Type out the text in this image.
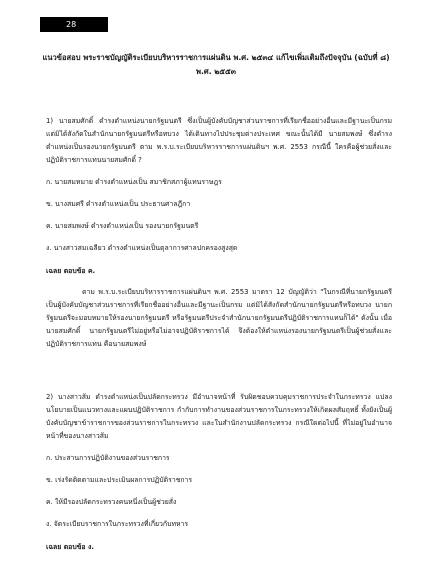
28
แนวข้อสอบ พระราชบัญญัติระเบียบบริหารราชการแผ่นดิน พ.ศ. ๒๕๓๔ แก้ไขเพิ่มเติมถึงปัจจุบัน (ฉบับที่ ๘) พ.ศ. ๒๕๕๓

1) นายสมศักดิ์ ดำรงตำแหน่งนายกรัฐมนตรี ซึ่งเป็นผู้บังคับบัญชาส่วนราชการที่เรียกชื่ออย่างอื่นและมีฐานะเป็นกรม แต่มิได้สังกัดในสำนักนายกรัฐมนตรีหรือทบวง ได้เดินทางไปประชุมต่างประเทศ ขณะนั้นได้มี นายสมพงษ์ ซึ่งดำรงตำแหน่งเป็นรองนายกรัฐมนตรี ตาม พ.ร.บ.ระเบียบบริหารราชการแผ่นดินฯ พ.ศ. 2553 กรณีนี้ ใครคือผู้ช่วยสั่งและปฏิบัติราชการแทนนายสมศักดิ์ ?

ก. นายสมหมาย ดำรงตำแหน่งเป็น สมาชิกสภาผู้แทนราษฎร

ข. นางสมศรี ดำรงตำแหน่งเป็น ประธานศาลฎีกา

ค. นายสมพงษ์ ดำรงตำแหน่งเป็น รองนายกรัฐมนตรี

ง. นางสาวสมเฉลียว ดำรงตำแหน่งเป็นตุลาการศาลปกครองสูงสุด

เฉลย ตอบข้อ ค.

ตาม พ.ร.บ.ระเบียบบริหารราชการแผ่นดินฯ พ.ศ. 2553 มาตรา 12 บัญญัติว่า "ในกรณีที่นายกรัฐมนตรีเป็นผู้บังคับบัญชาส่วนราชการที่เรียกชื่ออย่างอื่นและมีฐานะเป็นกรม แต่มิได้สังกัดสำนักนายกรัฐมนตรีหรือทบวง นายกรัฐมนตรีจะมอบหมายให้รองนายกรัฐมนตรี หรือรัฐมนตรีประจำสำนักนายกรัฐมนตรีปฏิบัติราชการแทนก็ได้" ดังนั้น เมื่อนายสมศักดิ์ นายกรัฐมนตรีไม่อยู่หรือไม่อาจปฏิบัติราชการได้ จึงต้องให้ตำแหน่งรองนายกรัฐมนตรีเป็นผู้ช่วยสั่งและปฏิบัติราชการแทน คือนายสมพงษ์

2) นางสาวส้ม ดำรงตำแหน่งเป็นปลัดกระทรวง มีอำนาจหน้าที่ รับผิดชอบควบคุมราชการประจำในกระทรวง แปลงนโยบายเป็นแนวทางและแผนปฏิบัติราชการ กำกับการทำงานของส่วนราชการในกระทรวงให้เกิดผลสัมฤทธิ์ ทั้งยังเป็นผู้บังคับบัญชาข้าราชการของส่วนราชการในกระทรวง และในสำนักงานปลัดกระทรวง กรณีใดต่อไปนี้ ที่ไม่อยู่ในอำนาจหน้าที่ของนางสาวส้ม

ก. ประสานการปฏิบัติงานของส่วนราชการ

ข. เร่งรัดติดตามและประเมินผลการปฏิบัติราชการ

ค. ให้มีรองปลัดกระทรวงคนหนึ่งเป็นผู้ช่วยสั่ง

ง. จัดระเบียบราชการในกระทรวงที่เกี่ยวกับทหาร

เฉลย ตอบข้อ ง.
